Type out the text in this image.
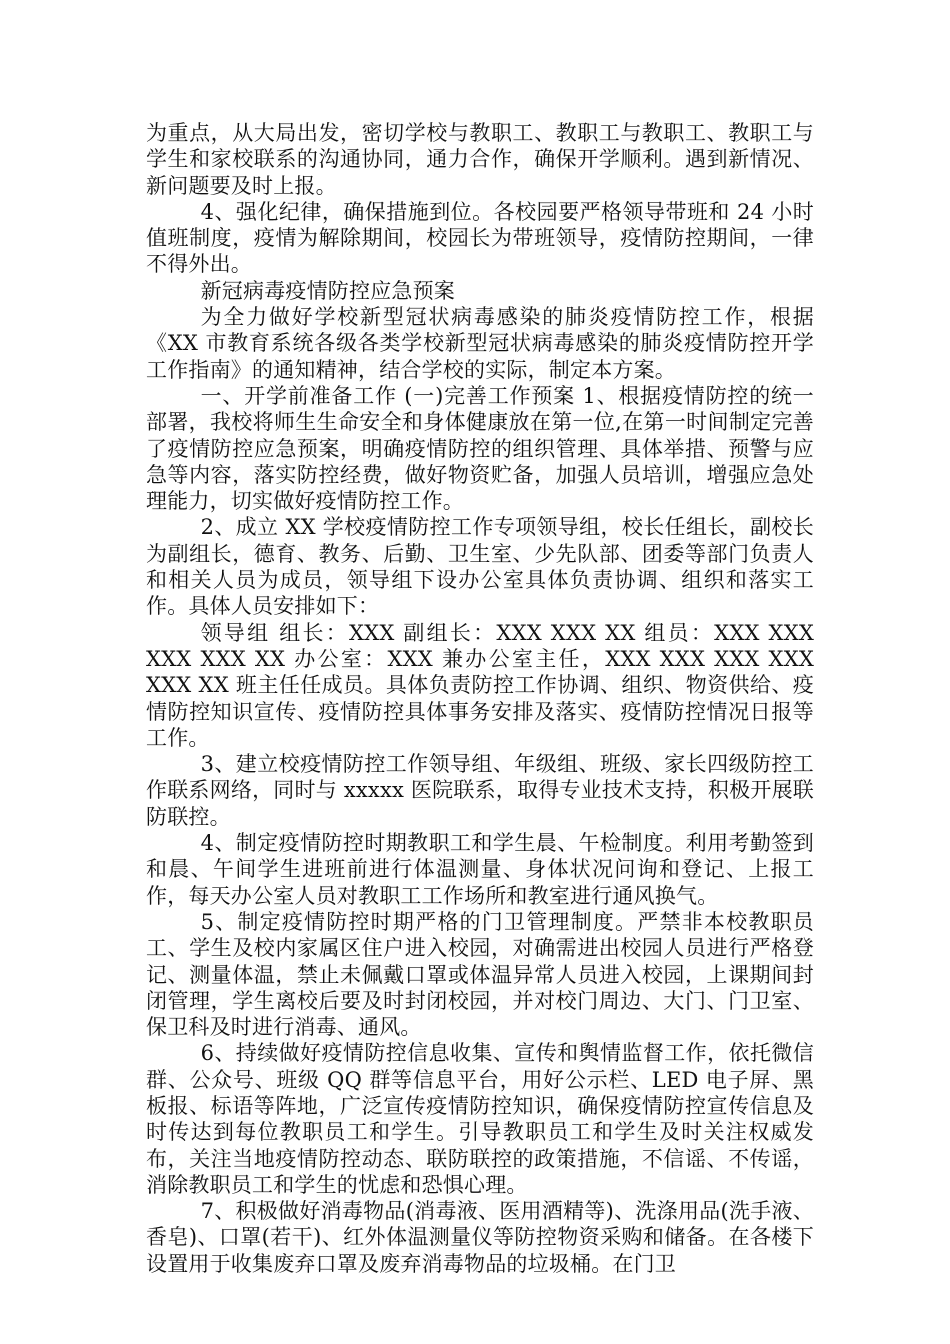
为重点，从大局出发，密切学校与教职工、教职工与教职工、教职工与学生和家校联系的沟通协同，通力合作，确保开学顺利。遇到新情况、新问题要及时上报。

4、强化纪律，确保措施到位。各校园要严格领导带班和 24 小时值班制度，疫情为解除期间，校园长为带班领导，疫情防控期间，一律不得外出。

新冠病毒疫情防控应急预案

为全力做好学校新型冠状病毒感染的肺炎疫情防控工作，根据《XX 市教育系统各级各类学校新型冠状病毒感染的肺炎疫情防控开学工作指南》的通知精神，结合学校的实际，制定本方案。

一、开学前准备工作 (一)完善工作预案 1、根据疫情防控的统一部署，我校将师生生命安全和身体健康放在第一位,在第一时间制定完善了疫情防控应急预案，明确疫情防控的组织管理、具体举措、预警与应急等内容，落实防控经费，做好物资贮备，加强人员培训，增强应急处理能力，切实做好疫情防控工作。

2、成立 XX 学校疫情防控工作专项领导组，校长任组长，副校长为副组长，德育、教务、后勤、卫生室、少先队部、团委等部门负责人和相关人员为成员，领导组下设办公室具体负责协调、组织和落实工作。具体人员安排如下：

领导组 组长：XXX 副组长：XXX XXX XX 组员：XXX XXX XXX XXX XX 办公室：XXX 兼办公室主任，XXX XXX XXX XXX XXX XX 班主任任成员。具体负责防控工作协调、组织、物资供给、疫情防控知识宣传、疫情防控具体事务安排及落实、疫情防控情况日报等工作。

3、建立校疫情防控工作领导组、年级组、班级、家长四级防控工作联系网络，同时与 xxxxx 医院联系，取得专业技术支持，积极开展联防联控。

4、制定疫情防控时期教职工和学生晨、午检制度。利用考勤签到和晨、午间学生进班前进行体温测量、身体状况问询和登记、上报工作，每天办公室人员对教职工工作场所和教室进行通风换气。

5、制定疫情防控时期严格的门卫管理制度。严禁非本校教职员工、学生及校内家属区住户进入校园，对确需进出校园人员进行严格登记、测量体温，禁止未佩戴口罩或体温异常人员进入校园，上课期间封闭管理，学生离校后要及时封闭校园，并对校门周边、大门、门卫室、保卫科及时进行消毒、通风。

6、持续做好疫情防控信息收集、宣传和舆情监督工作，依托微信群、公众号、班级 QQ 群等信息平台，用好公示栏、LED 电子屏、黑板报、标语等阵地，广泛宣传疫情防控知识，确保疫情防控宣传信息及时传达到每位教职员工和学生。引导教职员工和学生及时关注权威发布，关注当地疫情防控动态、联防联控的政策措施，不信谣、不传谣，消除教职员工和学生的忧虑和恐惧心理。

7、积极做好消毒物品(消毒液、医用酒精等)、洗涤用品(洗手液、香皂)、口罩(若干)、红外体温测量仪等防控物资采购和储备。在各楼下设置用于收集废弃口罩及废弃消毒物品的垃圾桶。在门卫
